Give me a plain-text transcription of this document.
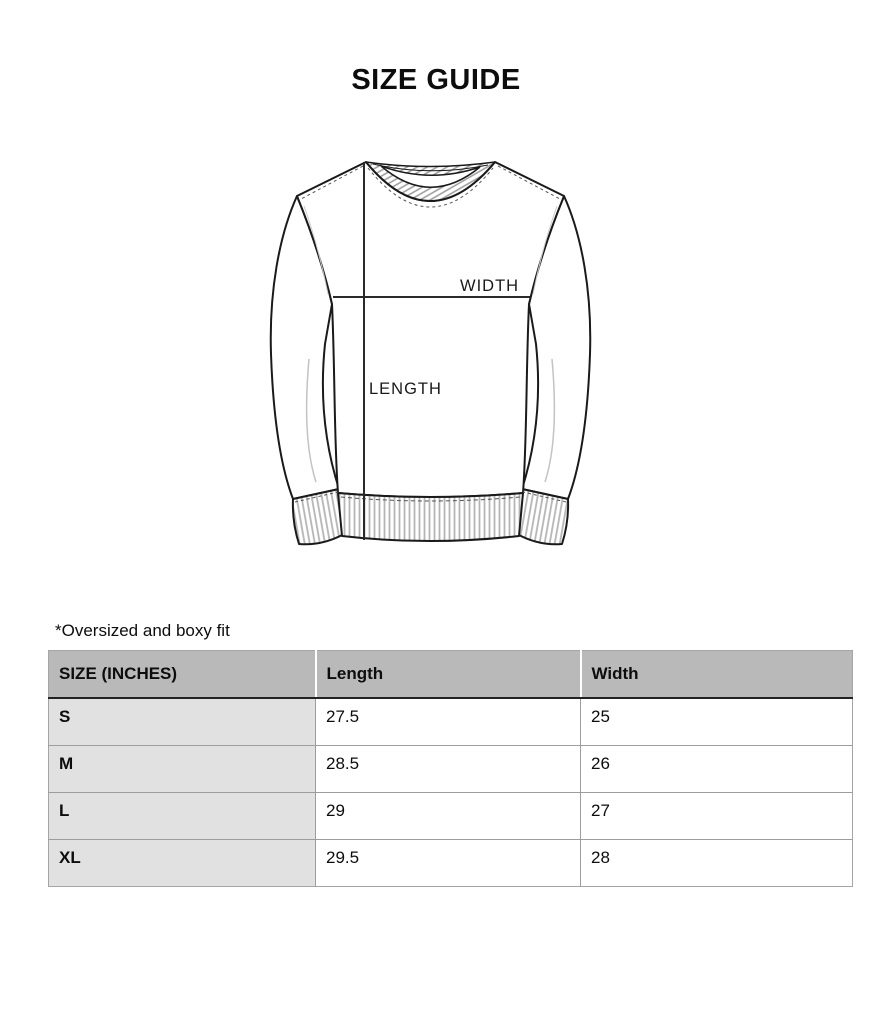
SIZE GUIDE
WIDTH
LENGTH

*Oversized and boxy fit

SIZE (INCHES)	Length	Width
S	27.5	25
M	28.5	26
L	29	27
XL	29.5	28
